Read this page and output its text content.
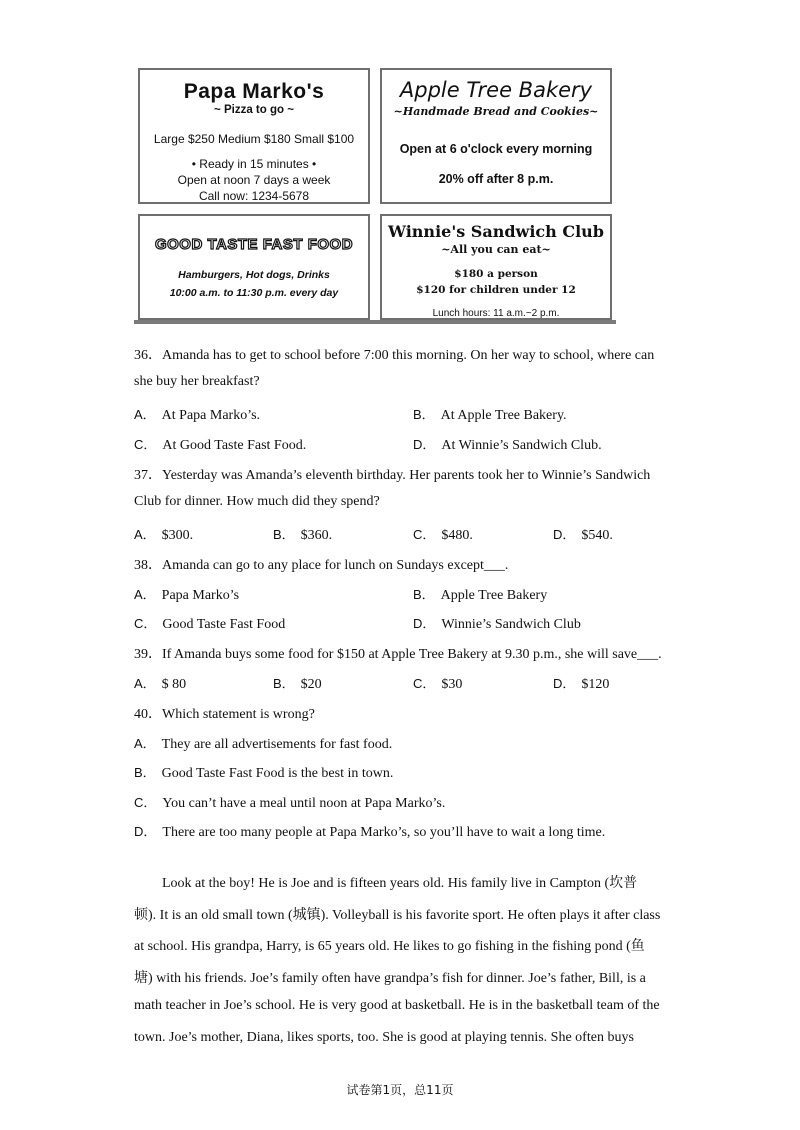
Papa Marko's
~ Pizza to go ~
Large $250 Medium $180 Small $100
• Ready in 15 minutes •
Open at noon 7 days a week
Call now: 1234-5678
Apple Tree Bakery
~Handmade Bread and Cookies~
Open at 6 o'clock every morning
20% off after 8 p.m.
GOOD TASTE FAST FOOD
Hamburgers, Hot dogs, Drinks
10:00 a.m. to 11:30 p.m. every day
Winnie's Sandwich Club
~All you can eat~
$180 a person
$120 for children under 12
Lunch hours: 11 a.m.~2 p.m.
36．Amanda has to get to school before 7:00 this morning. On her way to school, where can
she buy her breakfast?
A． At Papa Marko’s.	B． At Apple Tree Bakery.
C． At Good Taste Fast Food.	D． At Winnie’s Sandwich Club.
37．Yesterday was Amanda’s eleventh birthday. Her parents took her to Winnie’s Sandwich
Club for dinner. How much did they spend?
A． $300.	B． $360.	C． $480.	D． $540.
38．Amanda can go to any place for lunch on Sundays except___.
A． Papa Marko’s	B． Apple Tree Bakery
C． Good Taste Fast Food	D． Winnie’s Sandwich Club
39．If Amanda buys some food for $150 at Apple Tree Bakery at 9.30 p.m., she will save___.
A． $ 80	B． $20	C． $30	D． $120
40．Which statement is wrong?
A． They are all advertisements for fast food.
B． Good Taste Fast Food is the best in town.
C． You can’t have a meal until noon at Papa Marko’s.
D． There are too many people at Papa Marko’s, so you’ll have to wait a long time.
Look at the boy! He is Joe and is fifteen years old. His family live in Campton (坎普
顿). It is an old small town (城镇). Volleyball is his favorite sport. He often plays it after class
at school. His grandpa, Harry, is 65 years old. He likes to go fishing in the fishing pond (鱼
塘) with his friends. Joe’s family often have grandpa’s fish for dinner. Joe’s father, Bill, is a
math teacher in Joe’s school. He is very good at basketball. He is in the basketball team of the
town. Joe’s mother, Diana, likes sports, too. She is good at playing tennis. She often buys
试卷第1页，总11页
